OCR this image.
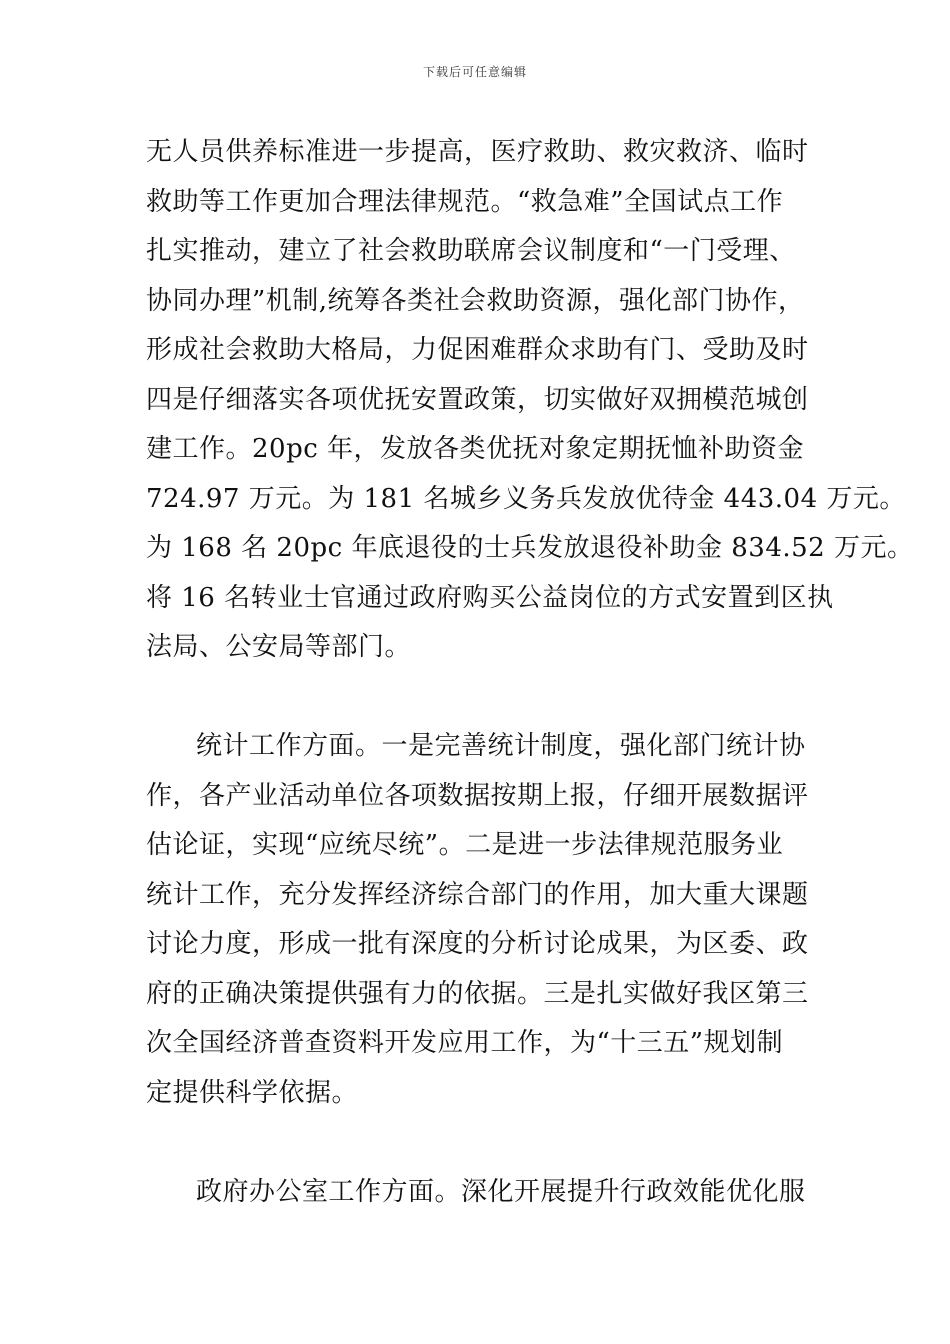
下载后可任意编辑
无人员供养标准进一步提高，医疗救助、救灾救济、临时
救助等工作更加合理法律规范。“救急难”全国试点工作
扎实推动，建立了社会救助联席会议制度和“一门受理、
协同办理”机制,统筹各类社会救助资源，强化部门协作，
形成社会救助大格局，力促困难群众求助有门、受助及时
四是仔细落实各项优抚安置政策，切实做好双拥模范城创
建工作。20pc 年，发放各类优抚对象定期抚恤补助资金
724.97 万元。为 181 名城乡义务兵发放优待金 443.04 万元。
为 168 名 20pc 年底退役的士兵发放退役补助金 834.52 万元。
将 16 名转业士官通过政府购买公益岗位的方式安置到区执
法局、公安局等部门。
统计工作方面。一是完善统计制度，强化部门统计协
作，各产业活动单位各项数据按期上报，仔细开展数据评
估论证，实现“应统尽统”。二是进一步法律规范服务业
统计工作，充分发挥经济综合部门的作用，加大重大课题
讨论力度，形成一批有深度的分析讨论成果，为区委、政
府的正确决策提供强有力的依据。三是扎实做好我区第三
次全国经济普查资料开发应用工作，为“十三五”规划制
定提供科学依据。
政府办公室工作方面。深化开展提升行政效能优化服
